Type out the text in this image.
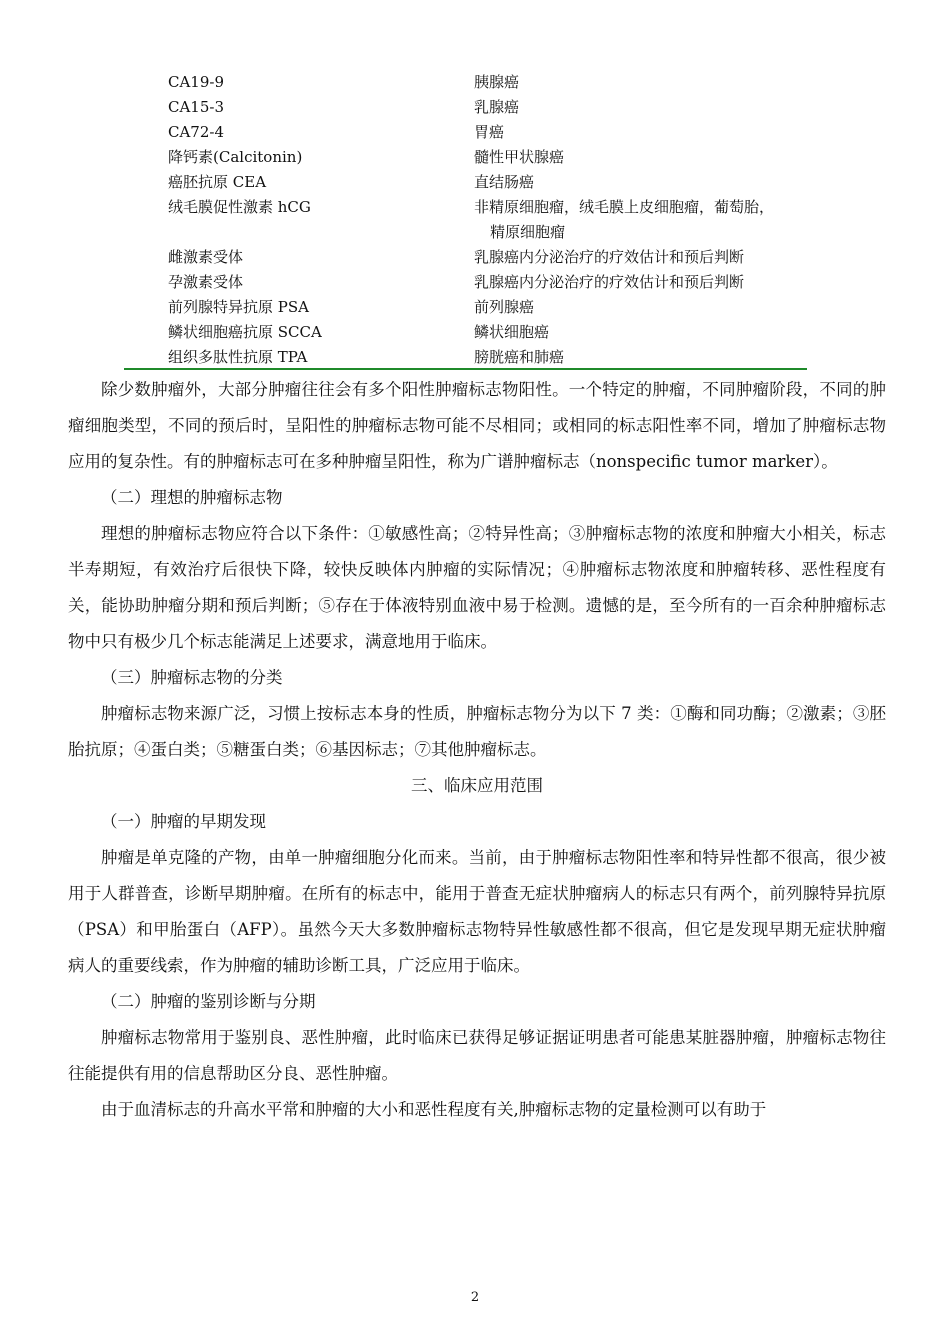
CA19-9	胰腺癌
CA15-3	乳腺癌
CA72-4	胃癌
降钙素(Calcitonin)	髓性甲状腺癌
癌胚抗原 CEA	直结肠癌
绒毛膜促性激素 hCG	非精原细胞瘤，绒毛膜上皮细胞瘤，葡萄胎，
精原细胞瘤
雌激素受体	乳腺癌内分泌治疗的疗效估计和预后判断
孕激素受体	乳腺癌内分泌治疗的疗效估计和预后判断
前列腺特异抗原 PSA	前列腺癌
鳞状细胞癌抗原 SCCA	鳞状细胞癌
组织多肽性抗原 TPA	膀胱癌和肺癌

除少数肿瘤外，大部分肿瘤往往会有多个阳性肿瘤标志物阳性。一个特定的肿瘤，不同肿瘤阶段，不同的肿瘤细胞类型，不同的预后时，呈阳性的肿瘤标志物可能不尽相同；或相同的标志阳性率不同，增加了肿瘤标志物应用的复杂性。有的肿瘤标志可在多种肿瘤呈阳性，称为广谱肿瘤标志（nonspecific tumor marker）。

（二）理想的肿瘤标志物

理想的肿瘤标志物应符合以下条件：①敏感性高；②特异性高；③肿瘤标志物的浓度和肿瘤大小相关，标志半寿期短，有效治疗后很快下降，较快反映体内肿瘤的实际情况；④肿瘤标志物浓度和肿瘤转移、恶性程度有关，能协助肿瘤分期和预后判断；⑤存在于体液特别血液中易于检测。遗憾的是，至今所有的一百余种肿瘤标志物中只有极少几个标志能满足上述要求，满意地用于临床。

（三）肿瘤标志物的分类

肿瘤标志物来源广泛，习惯上按标志本身的性质，肿瘤标志物分为以下 7 类：①酶和同功酶；②激素；③胚胎抗原；④蛋白类；⑤糖蛋白类；⑥基因标志；⑦其他肿瘤标志。

三、临床应用范围

（一）肿瘤的早期发现

肿瘤是单克隆的产物，由单一肿瘤细胞分化而来。当前，由于肿瘤标志物阳性率和特异性都不很高，很少被用于人群普查，诊断早期肿瘤。在所有的标志中，能用于普查无症状肿瘤病人的标志只有两个，前列腺特异抗原（PSA）和甲胎蛋白（AFP）。虽然今天大多数肿瘤标志物特异性敏感性都不很高，但它是发现早期无症状肿瘤病人的重要线索，作为肿瘤的辅助诊断工具，广泛应用于临床。

（二）肿瘤的鉴别诊断与分期

肿瘤标志物常用于鉴别良、恶性肿瘤，此时临床已获得足够证据证明患者可能患某脏器肿瘤，肿瘤标志物往往能提供有用的信息帮助区分良、恶性肿瘤。

由于血清标志的升高水平常和肿瘤的大小和恶性程度有关,肿瘤标志物的定量检测可以有助于

2
